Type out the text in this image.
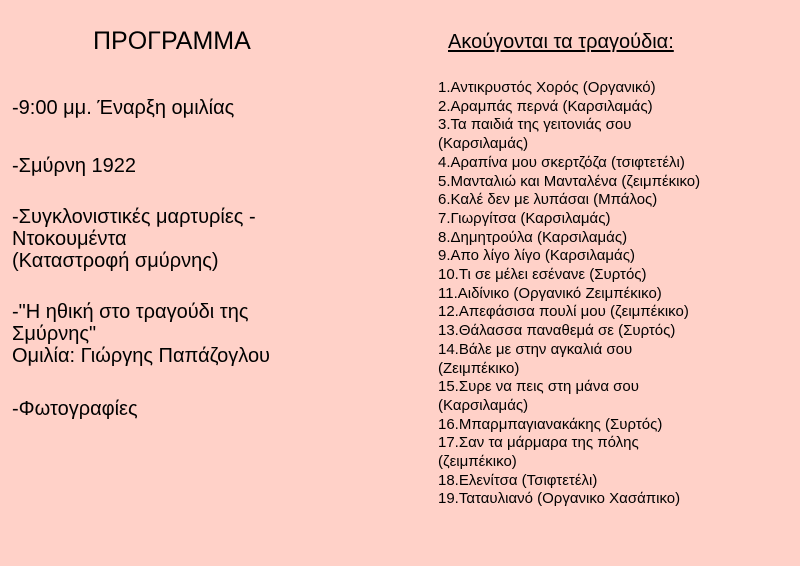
ΠΡΟΓΡΑΜΜΑ	Ακούγονται τα τραγούδια:
-9:00 μμ. Έναρξη ομιλίας
-Σμύρνη 1922
-Συγκλονιστικές μαρτυρίες -
Ντοκουμέντα
(Καταστροφή σμύρνης)
-"Η ηθική στο τραγούδι της
Σμύρνης"
Ομιλία: Γιώργης Παπάζογλου
-Φωτογραφίες
1.Αντικρυστός Χορός (Οργανικό)
2.Αραμπάς περνά (Καρσιλαμάς)
3.Τα παιδιά της γειτονιάς σου
(Καρσιλαμάς)
4.Αραπίνα μου σκερτζόζα (τσιφτετέλι)
5.Μανταλιώ και Μανταλένα (ζειμπέκικο)
6.Καλέ δεν με λυπάσαι (Μπάλος)
7.Γιωργίτσα (Καρσιλαμάς)
8.Δημητρούλα (Καρσιλαμάς)
9.Απο λίγο λίγο (Καρσιλαμάς)
10.Τι σε μέλει εσένανε (Συρτός)
11.Αιδίνικο (Οργανικό Ζειμπέκικο)
12.Απεφάσισα πουλί μου (ζειμπέκικο)
13.Θάλασσα παναθεμά σε (Συρτός)
14.Βάλε με στην αγκαλιά σου
(Ζειμπέκικο)
15.Συρε να πεις στη μάνα σου
(Καρσιλαμάς)
16.Μπαρμπαγιανακάκης (Συρτός)
17.Σαν τα μάρμαρα της πόλης
(ζειμπέκικο)
18.Ελενίτσα (Τσιφτετέλι)
19.Ταταυλιανό (Οργανικο Χασάπικο)
